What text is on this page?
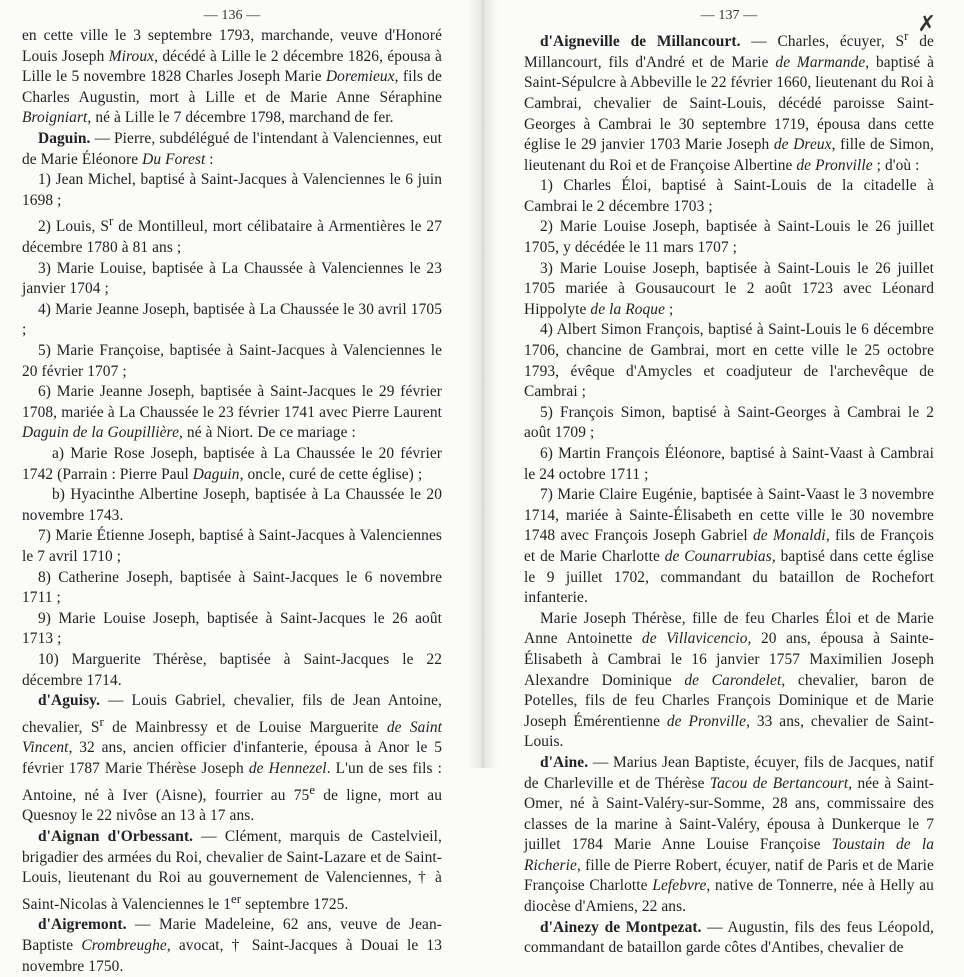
— 136 —

en cette ville le 3 septembre 1793, marchande, veuve d'Honoré Louis Joseph Miroux, décédé à Lille le 2 décembre 1826, épousa à Lille le 5 novembre 1828 Charles Joseph Marie Doremieux, fils de Charles Augustin, mort à Lille et de Marie Anne Séraphine Broigniart, né à Lille le 7 décembre 1798, marchand de fer.

Daguin. — Pierre, subdélégué de l'intendant à Valenciennes, eut de Marie Éléonore Du Forest :

1) Jean Michel, baptisé à Saint-Jacques à Valenciennes le 6 juin 1698 ;

2) Louis, $S^r$ de Montilleul, mort célibataire à Armentières le 27 décembre 1780 à 81 ans ;

3) Marie Louise, baptisée à La Chaussée à Valenciennes le 23 janvier 1704 ;

4) Marie Jeanne Joseph, baptisée à La Chaussée le 30 avril 1705 ;

5) Marie Françoise, baptisée à Saint-Jacques à Valenciennes le 20 février 1707 ;

6) Marie Jeanne Joseph, baptisée à Saint-Jacques le 29 février 1708, mariée à La Chaussée le 23 février 1741 avec Pierre Laurent Daguin de la Goupillière, né à Niort. De ce mariage :

a) Marie Rose Joseph, baptisée à La Chaussée le 20 février 1742 (Parrain : Pierre Paul Daguin, oncle, curé de cette église) ;

b) Hyacinthe Albertine Joseph, baptisée à La Chaussée le 20 novembre 1743.

7) Marie Étienne Joseph, baptisé à Saint-Jacques à Valenciennes le 7 avril 1710 ;

8) Catherine Joseph, baptisée à Saint-Jacques le 6 novembre 1711 ;

9) Marie Louise Joseph, baptisée à Saint-Jacques le 26 août 1713 ;

10) Marguerite Thérèse, baptisée à Saint-Jacques le 22 décembre 1714.

d'Aguisy. — Louis Gabriel, chevalier, fils de Jean Antoine, chevalier, $S^r$ de Mainbressy et de Louise Marguerite de Saint Vincent, 32 ans, ancien officier d'infanterie, épousa à Anor le 5 février 1787 Marie Thérèse Joseph de Hennezel. L'un de ses fils : Antoine, né à Iver (Aisne), fourrier au 75e de ligne, mort au Quesnoy le 22 nivôse an 13 à 17 ans.

d'Aignan d'Orbessant. — Clément, marquis de Castelvieil, brigadier des armées du Roi, chevalier de Saint-Lazare et de Saint-Louis, lieutenant du Roi au gouvernement de Valenciennes, † à Saint-Nicolas à Valenciennes le 1er septembre 1725.

d'Aigremont. — Marie Madeleine, 62 ans, veuve de Jean-Baptiste Crombreughe, avocat, † Saint-Jacques à Douai le 13 novembre 1750.

— 137 —	✗

d'Aigneville de Millancourt. — Charles, écuyer, $S^r$ de Millancourt, fils d'André et de Marie de Marmande, baptisé à Saint-Sépulcre à Abbeville le 22 février 1660, lieutenant du Roi à Cambrai, chevalier de Saint-Louis, décédé paroisse Saint-Georges à Cambrai le 30 septembre 1719, épousa dans cette église le 29 janvier 1703 Marie Joseph de Dreux, fille de Simon, lieutenant du Roi et de Françoise Albertine de Pronville ; d'où :

1) Charles Éloi, baptisé à Saint-Louis de la citadelle à Cambrai le 2 décembre 1703 ;

2) Marie Louise Joseph, baptisée à Saint-Louis le 26 juillet 1705, y décédée le 11 mars 1707 ;

3) Marie Louise Joseph, baptisée à Saint-Louis le 26 juillet 1705 mariée à Gousaucourt le 2 août 1723 avec Léonard Hippolyte de la Roque ;

4) Albert Simon François, baptisé à Saint-Louis le 6 décembre 1706, chancine de Gambrai, mort en cette ville le 25 octobre 1793, évêque d'Amycles et coadjuteur de l'archevêque de Cambrai ;

5) François Simon, baptisé à Saint-Georges à Cambrai le 2 août 1709 ;

6) Martin François Éléonore, baptisé à Saint-Vaast à Cambrai le 24 octobre 1711 ;

7) Marie Claire Eugénie, baptisée à Saint-Vaast le 3 novembre 1714, mariée à Sainte-Élisabeth en cette ville le 30 novembre 1748 avec François Joseph Gabriel de Monaldi, fils de François et de Marie Charlotte de Counarrubias, baptisé dans cette église le 9 juillet 1702, commandant du bataillon de Rochefort infanterie.

Marie Joseph Thérèse, fille de feu Charles Éloi et de Marie Anne Antoinette de Villavicencio, 20 ans, épousa à Sainte-Élisabeth à Cambrai le 16 janvier 1757 Maximilien Joseph Alexandre Dominique de Carondelet, chevalier, baron de Potelles, fils de feu Charles François Dominique et de Marie Joseph Émérentienne de Pronville, 33 ans, chevalier de Saint-Louis.

d'Aine. — Marius Jean Baptiste, écuyer, fils de Jacques, natif de Charleville et de Thérèse Tacou de Bertancourt, née à Saint-Omer, né à Saint-Valéry-sur-Somme, 28 ans, commissaire des classes de la marine à Saint-Valéry, épousa à Dunkerque le 7 juillet 1784 Marie Anne Louise Françoise Toustain de la Richerie, fille de Pierre Robert, écuyer, natif de Paris et de Marie Françoise Charlotte Lefebvre, native de Tonnerre, née à Helly au diocèse d'Amiens, 22 ans.

d'Ainezy de Montpezat. — Augustin, fils des feus Léopold, commandant de bataillon garde côtes d'Antibes, chevalier de
